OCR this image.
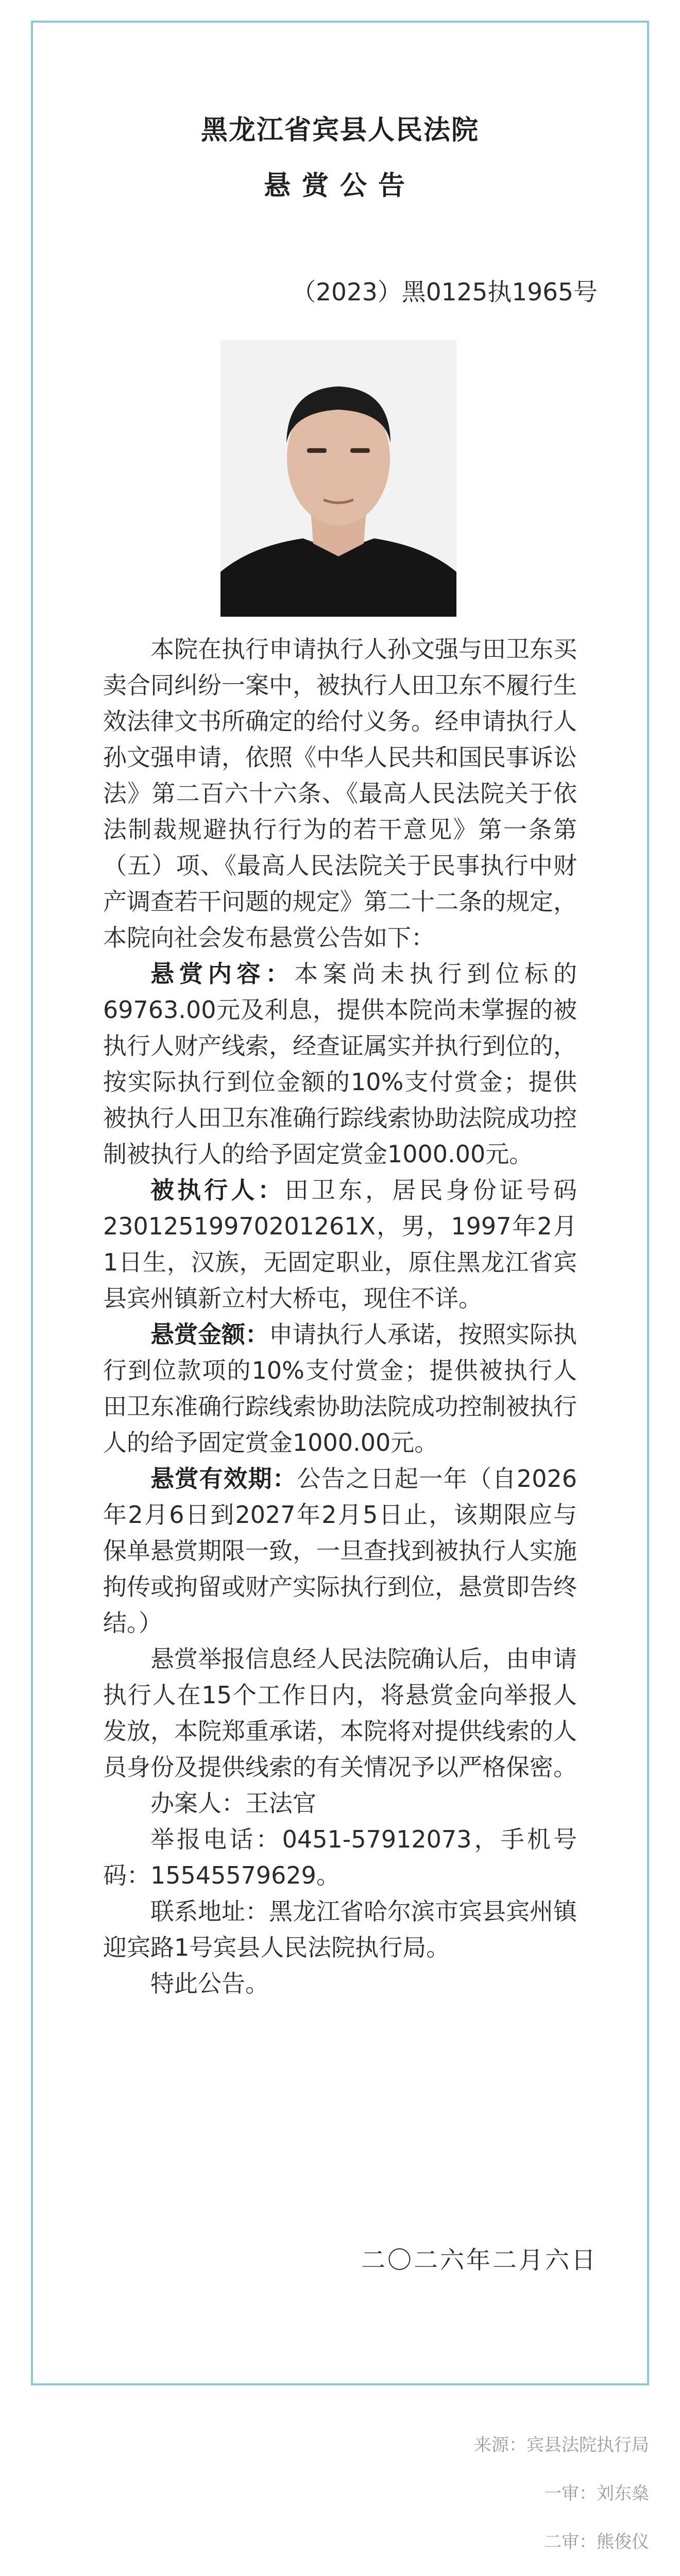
黑龙江省宾县人民法院
悬赏公告
（2023）黑0125执1965号

本院在执行申请执行人孙文强与田卫东买卖合同纠纷一案中，被执行人田卫东不履行生效法律文书所确定的给付义务。经申请执行人孙文强申请，依照《中华人民共和国民事诉讼法》第二百六十六条、《最高人民法院关于依法制裁规避执行行为的若干意见》第一条第（五）项、《最高人民法院关于民事执行中财产调查若干问题的规定》第二十二条的规定，本院向社会发布悬赏公告如下：

悬赏内容：本案尚未执行到位标的69763.00元及利息，提供本院尚未掌握的被执行人财产线索，经查证属实并执行到位的，按实际执行到位金额的10%支付赏金；提供被执行人田卫东准确行踪线索协助法院成功控制被执行人的给予固定赏金1000.00元。

被执行人：田卫东，居民身份证号码23012519970201261X，男，1997年2月1日生，汉族，无固定职业，原住黑龙江省宾县宾州镇新立村大桥屯，现住不详。

悬赏金额：申请执行人承诺，按照实际执行到位款项的10%支付赏金；提供被执行人田卫东准确行踪线索协助法院成功控制被执行人的给予固定赏金1000.00元。

悬赏有效期：公告之日起一年（自2026年2月6日到2027年2月5日止，该期限应与保单悬赏期限一致，一旦查找到被执行人实施拘传或拘留或财产实际执行到位，悬赏即告终结。）

悬赏举报信息经人民法院确认后，由申请执行人在15个工作日内，将悬赏金向举报人发放，本院郑重承诺，本院将对提供线索的人员身份及提供线索的有关情况予以严格保密。

办案人：王法官

举报电话：0451-57912073，手机号码：15545579629。

联系地址：黑龙江省哈尔滨市宾县宾州镇迎宾路1号宾县人民法院执行局。

特此公告。

二〇二六年二月六日
来源：宾县法院执行局
一审：刘东燊
二审：熊俊仪
